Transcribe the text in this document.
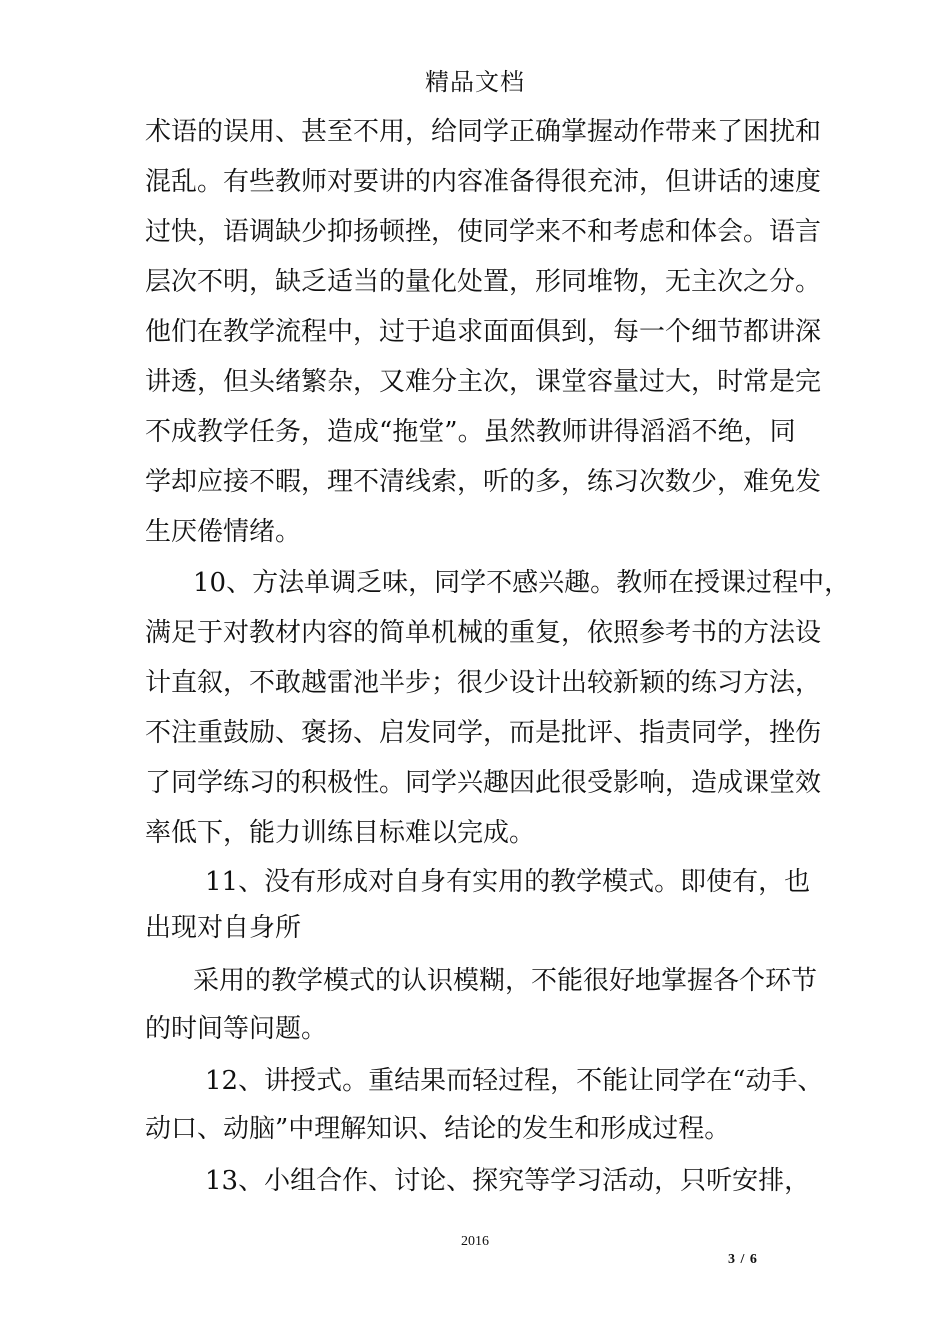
精品文档
术语的误用、甚至不用，给同学正确掌握动作带来了困扰和
混乱。有些教师对要讲的内容准备得很充沛，但讲话的速度
过快，语调缺少抑扬顿挫，使同学来不和考虑和体会。语言
层次不明，缺乏适当的量化处置，形同堆物，无主次之分。
他们在教学流程中，过于追求面面俱到，每一个细节都讲深
讲透，但头绪繁杂，又难分主次，课堂容量过大，时常是完
不成教学任务，造成“拖堂”。虽然教师讲得滔滔不绝，同
学却应接不暇，理不清线索，听的多，练习次数少，难免发
生厌倦情绪。
10、方法单调乏味，同学不感兴趣。教师在授课过程中，
满足于对教材内容的简单机械的重复，依照参考书的方法设
计直叙，不敢越雷池半步；很少设计出较新颖的练习方法，
不注重鼓励、褒扬、启发同学，而是批评、指责同学，挫伤
了同学练习的积极性。同学兴趣因此很受影响，造成课堂效
率低下，能力训练目标难以完成。
11、没有形成对自身有实用的教学模式。即使有，也
出现对自身所
采用的教学模式的认识模糊，不能很好地掌握各个环节
的时间等问题。
12、讲授式。重结果而轻过程，不能让同学在“动手、
动口、动脑”中理解知识、结论的发生和形成过程。
13、小组合作、讨论、探究等学习活动，只听安排，
2016
3 / 6
